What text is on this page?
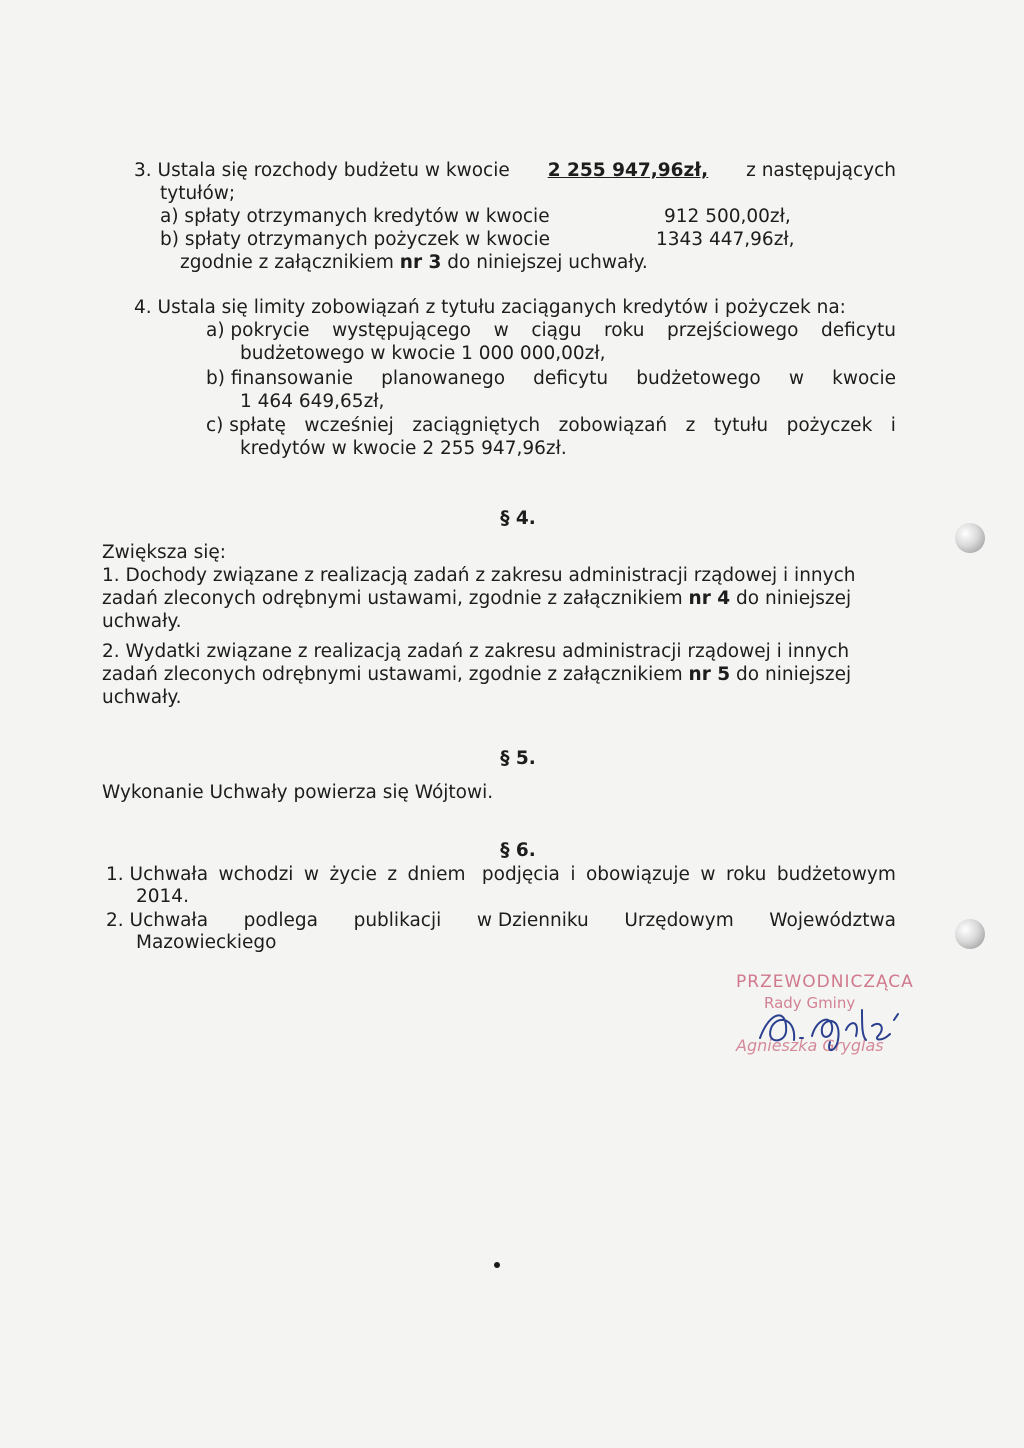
3. Ustala się rozchody budżetu w kwocie 2 255 947,96zł, z następujących
tytułów;
a) spłaty otrzymanych kredytów w kwocie	912 500,00zł,
b) spłaty otrzymanych pożyczek w kwocie	1343 447,96zł,
zgodnie z załącznikiem nr 3 do niniejszej uchwały.
4. Ustala się limity zobowiązań z tytułu zaciąganych kredytów i pożyczek na:
a) pokrycie występującego w ciągu roku przejściowego deficytu
budżetowego w kwocie 1 000 000,00zł,
b) finansowanie planowanego deficytu budżetowego w kwocie
1 464 649,65zł,
c) spłatę wcześniej zaciągniętych zobowiązań z tytułu pożyczek i
kredytów w kwocie 2 255 947,96zł.
§ 4.
Zwiększa się:
1. Dochody związane z realizacją zadań z zakresu administracji rządowej i innych
zadań zleconych odrębnymi ustawami, zgodnie z załącznikiem nr 4 do niniejszej
uchwały.
2. Wydatki związane z realizacją zadań z zakresu administracji rządowej i innych
zadań zleconych odrębnymi ustawami, zgodnie z załącznikiem nr 5 do niniejszej
uchwały.
§ 5.
Wykonanie Uchwały powierza się Wójtowi.
§ 6.
1. Uchwała wchodzi w życie z dniem podjęcia i obowiązuje w roku budżetowym
2014.
2. Uchwała podlega publikacji w Dzienniku Urzędowym Województwa
Mazowieckiego
PRZEWODNICZĄCA
Rady Gminy
Agnieszka Gryglas
